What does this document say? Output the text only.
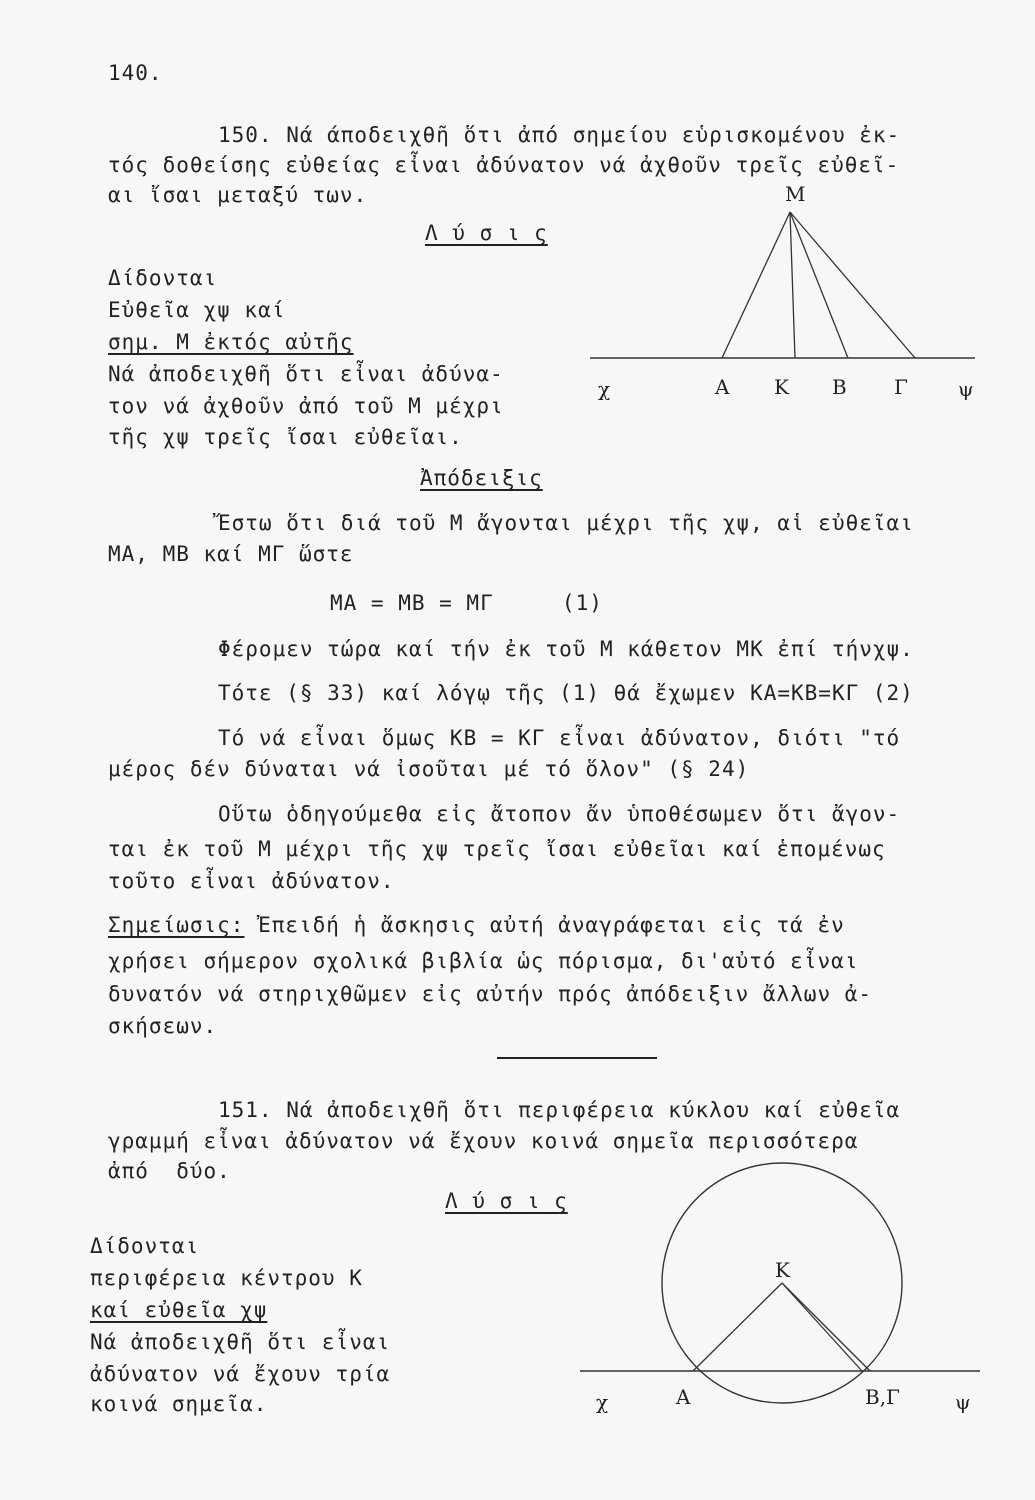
140.
150. Νά άποδειχθῆ ὅτι ἀπό σημείου εὑρισκομένου ἐκ-
τός δοθείσης εὐθείας εἶναι ἀδύνατον νά ἀχθοῦν τρεῖς εὐθεῖ-
αι ἴσαι μεταξύ των.
Λ ύ σ ι ς
Δίδονται
Εὐθεῖα χψ καί
σημ. Μ ἐκτός αὐτῆς
Νά ἀποδειχθῆ ὅτι εἶναι ἀδύνα-
τον νά ἀχθοῦν ἀπό τοῦ Μ μέχρι
τῆς χψ τρεῖς ἴσαι εὐθεῖαι.
Μ
χ	Α Κ Β Γ	ψ
Ἀπόδειξις
Ἔστω ὅτι διά τοῦ Μ ἄγονται μέχρι τῆς χψ, αἱ εὐθεῖαι
ΜΑ, ΜΒ καί ΜΓ ὥστε
ΜΑ = ΜΒ = ΜΓ     (1)
Φέρομεν τώρα καί τήν ἐκ τοῦ Μ κάθετον ΜΚ ἐπί τήνχψ.
Τότε (§ 33) καί λόγῳ τῆς (1) θά ἔχωμεν ΚΑ=ΚΒ=ΚΓ (2)
Τό νά εἶναι ὅμως ΚΒ = ΚΓ εἶναι ἀδύνατον, διότι "τό
μέρος δέν δύναται νά ἰσοῦται μέ τό ὅλον" (§ 24)
Οὕτω ὁδηγούμεθα εἰς ἄτοπον ἄν ὑποθέσωμεν ὅτι ἄγον-
ται ἐκ τοῦ Μ μέχρι τῆς χψ τρεῖς ἴσαι εὐθεῖαι καί ἑπομένως
τοῦτο εἶναι ἀδύνατον.
Σημείωσις: Ἐπειδή ἡ ἄσκησις αὐτή ἀναγράφεται εἰς τά ἐν
χρήσει σήμερον σχολικά βιβλία ὡς πόρισμα, δι'αὐτό εἶναι
δυνατόν νά στηριχθῶμεν εἰς αὐτήν πρός ἀπόδειξιν ἄλλων ἀ-
σκήσεων.
151. Νά ἀποδειχθῆ ὅτι περιφέρεια κύκλου καί εὐθεῖα
γραμμή εἶναι ἀδύνατον νά ἔχουν κοινά σημεῖα περισσότερα
ἀπό  δύο.
Λ ύ σ ι ς
Δίδονται
περιφέρεια κέντρου Κ
καί εὐθεῖα χψ
Νά ἀποδειχθῆ ὅτι εἶναι
ἀδύνατον νά ἔχουν τρία
κοινά σημεῖα.
Κ
χ	Α	Β,Γ	ψ
